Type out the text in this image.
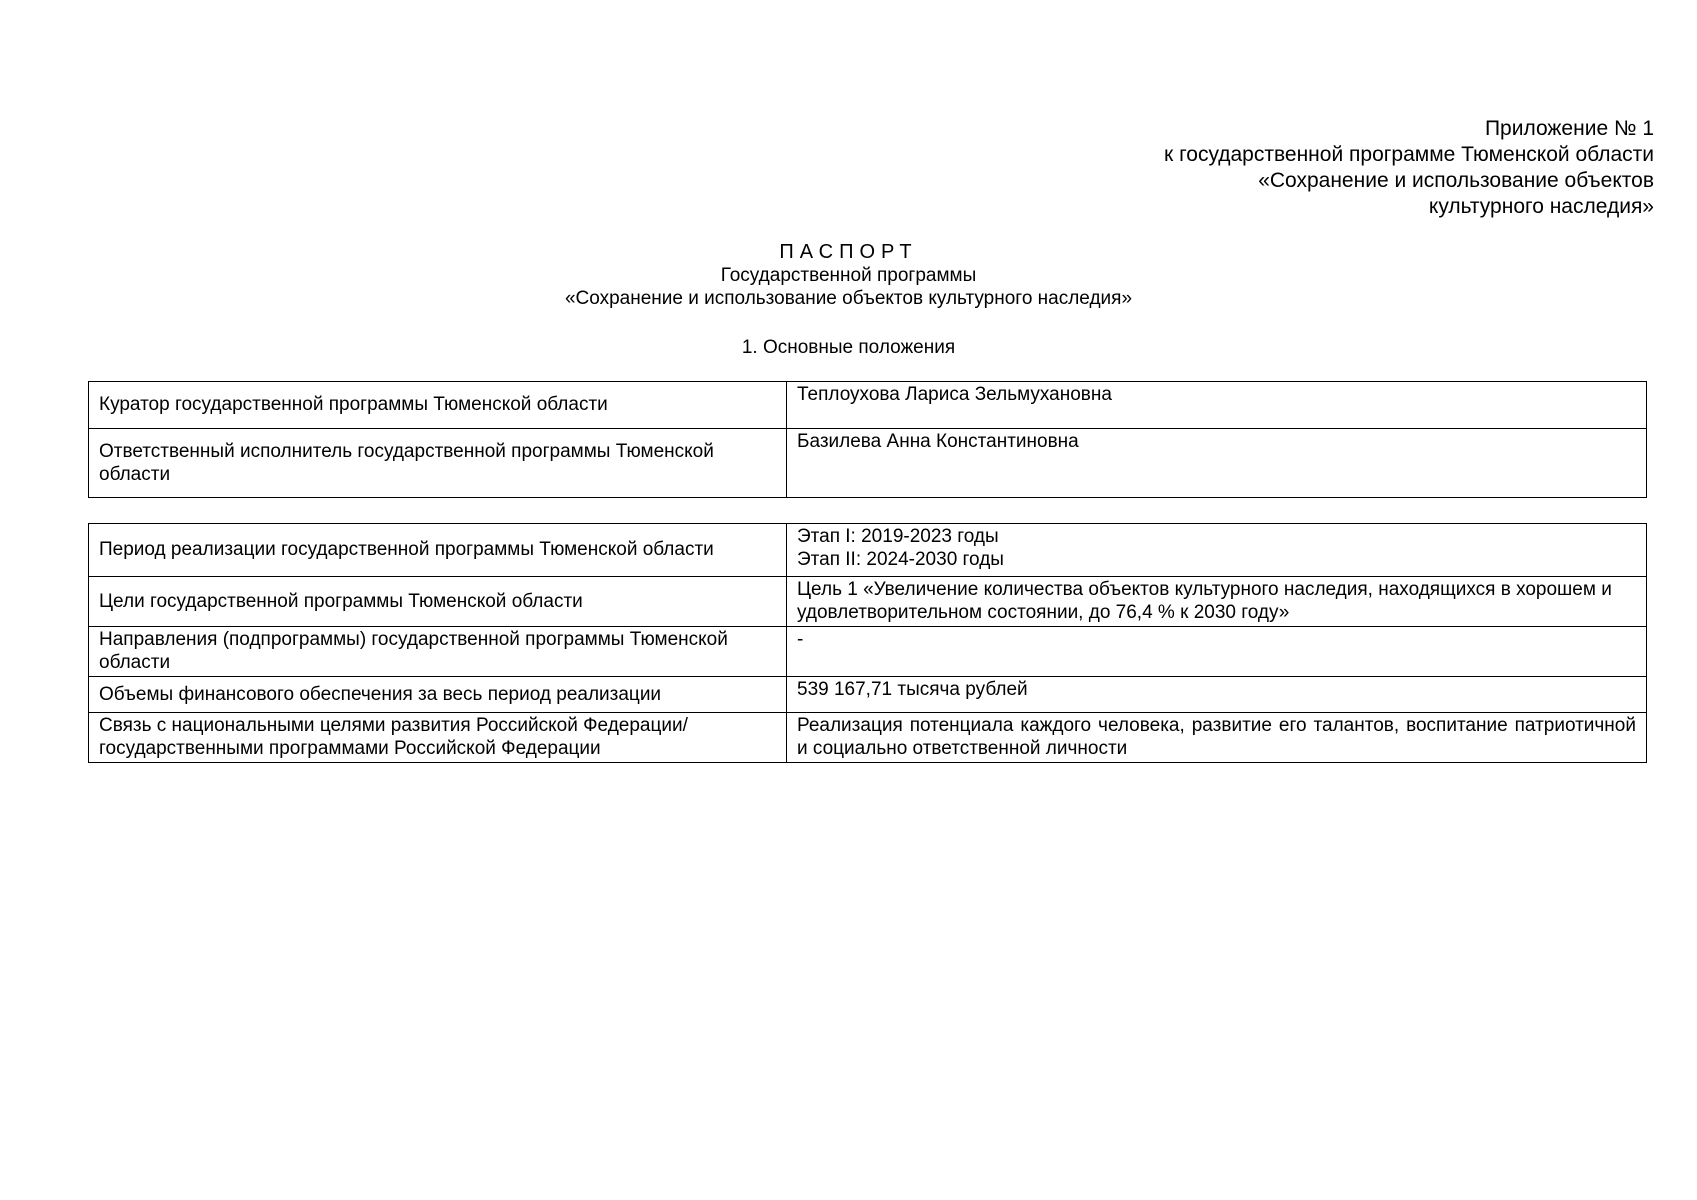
Приложение № 1
к государственной программе Тюменской области
«Сохранение и использование объектов
культурного наследия»
ПАСПОРТ
Государственной программы
«Сохранение и использование объектов культурного наследия»
1. Основные положения
Куратор государственной программы Тюменской области	Теплоухова Лариса Зельмухановна
Ответственный исполнитель государственной программы Тюменской области	Базилева Анна Константиновна
Период реализации государственной программы Тюменской области	Этап I: 2019-2023 годы
Этап II: 2024-2030 годы

Цели государственной программы Тюменской области	Цель 1 «Увеличение количества объектов культурного наследия, находящихся в хорошем и удовлетворительном состоянии, до 76,4 % к 2030 году»
Направления (подпрограммы) государственной программы Тюменской области	-
Объемы финансового обеспечения за весь период реализации	539 167,71 тысяча рублей
Связь с национальными целями развития Российской Федерации/ государственными программами Российской Федерации	Реализация потенциала каждого человека, развитие его талантов, воспитание патриотичной и социально ответственной личности
